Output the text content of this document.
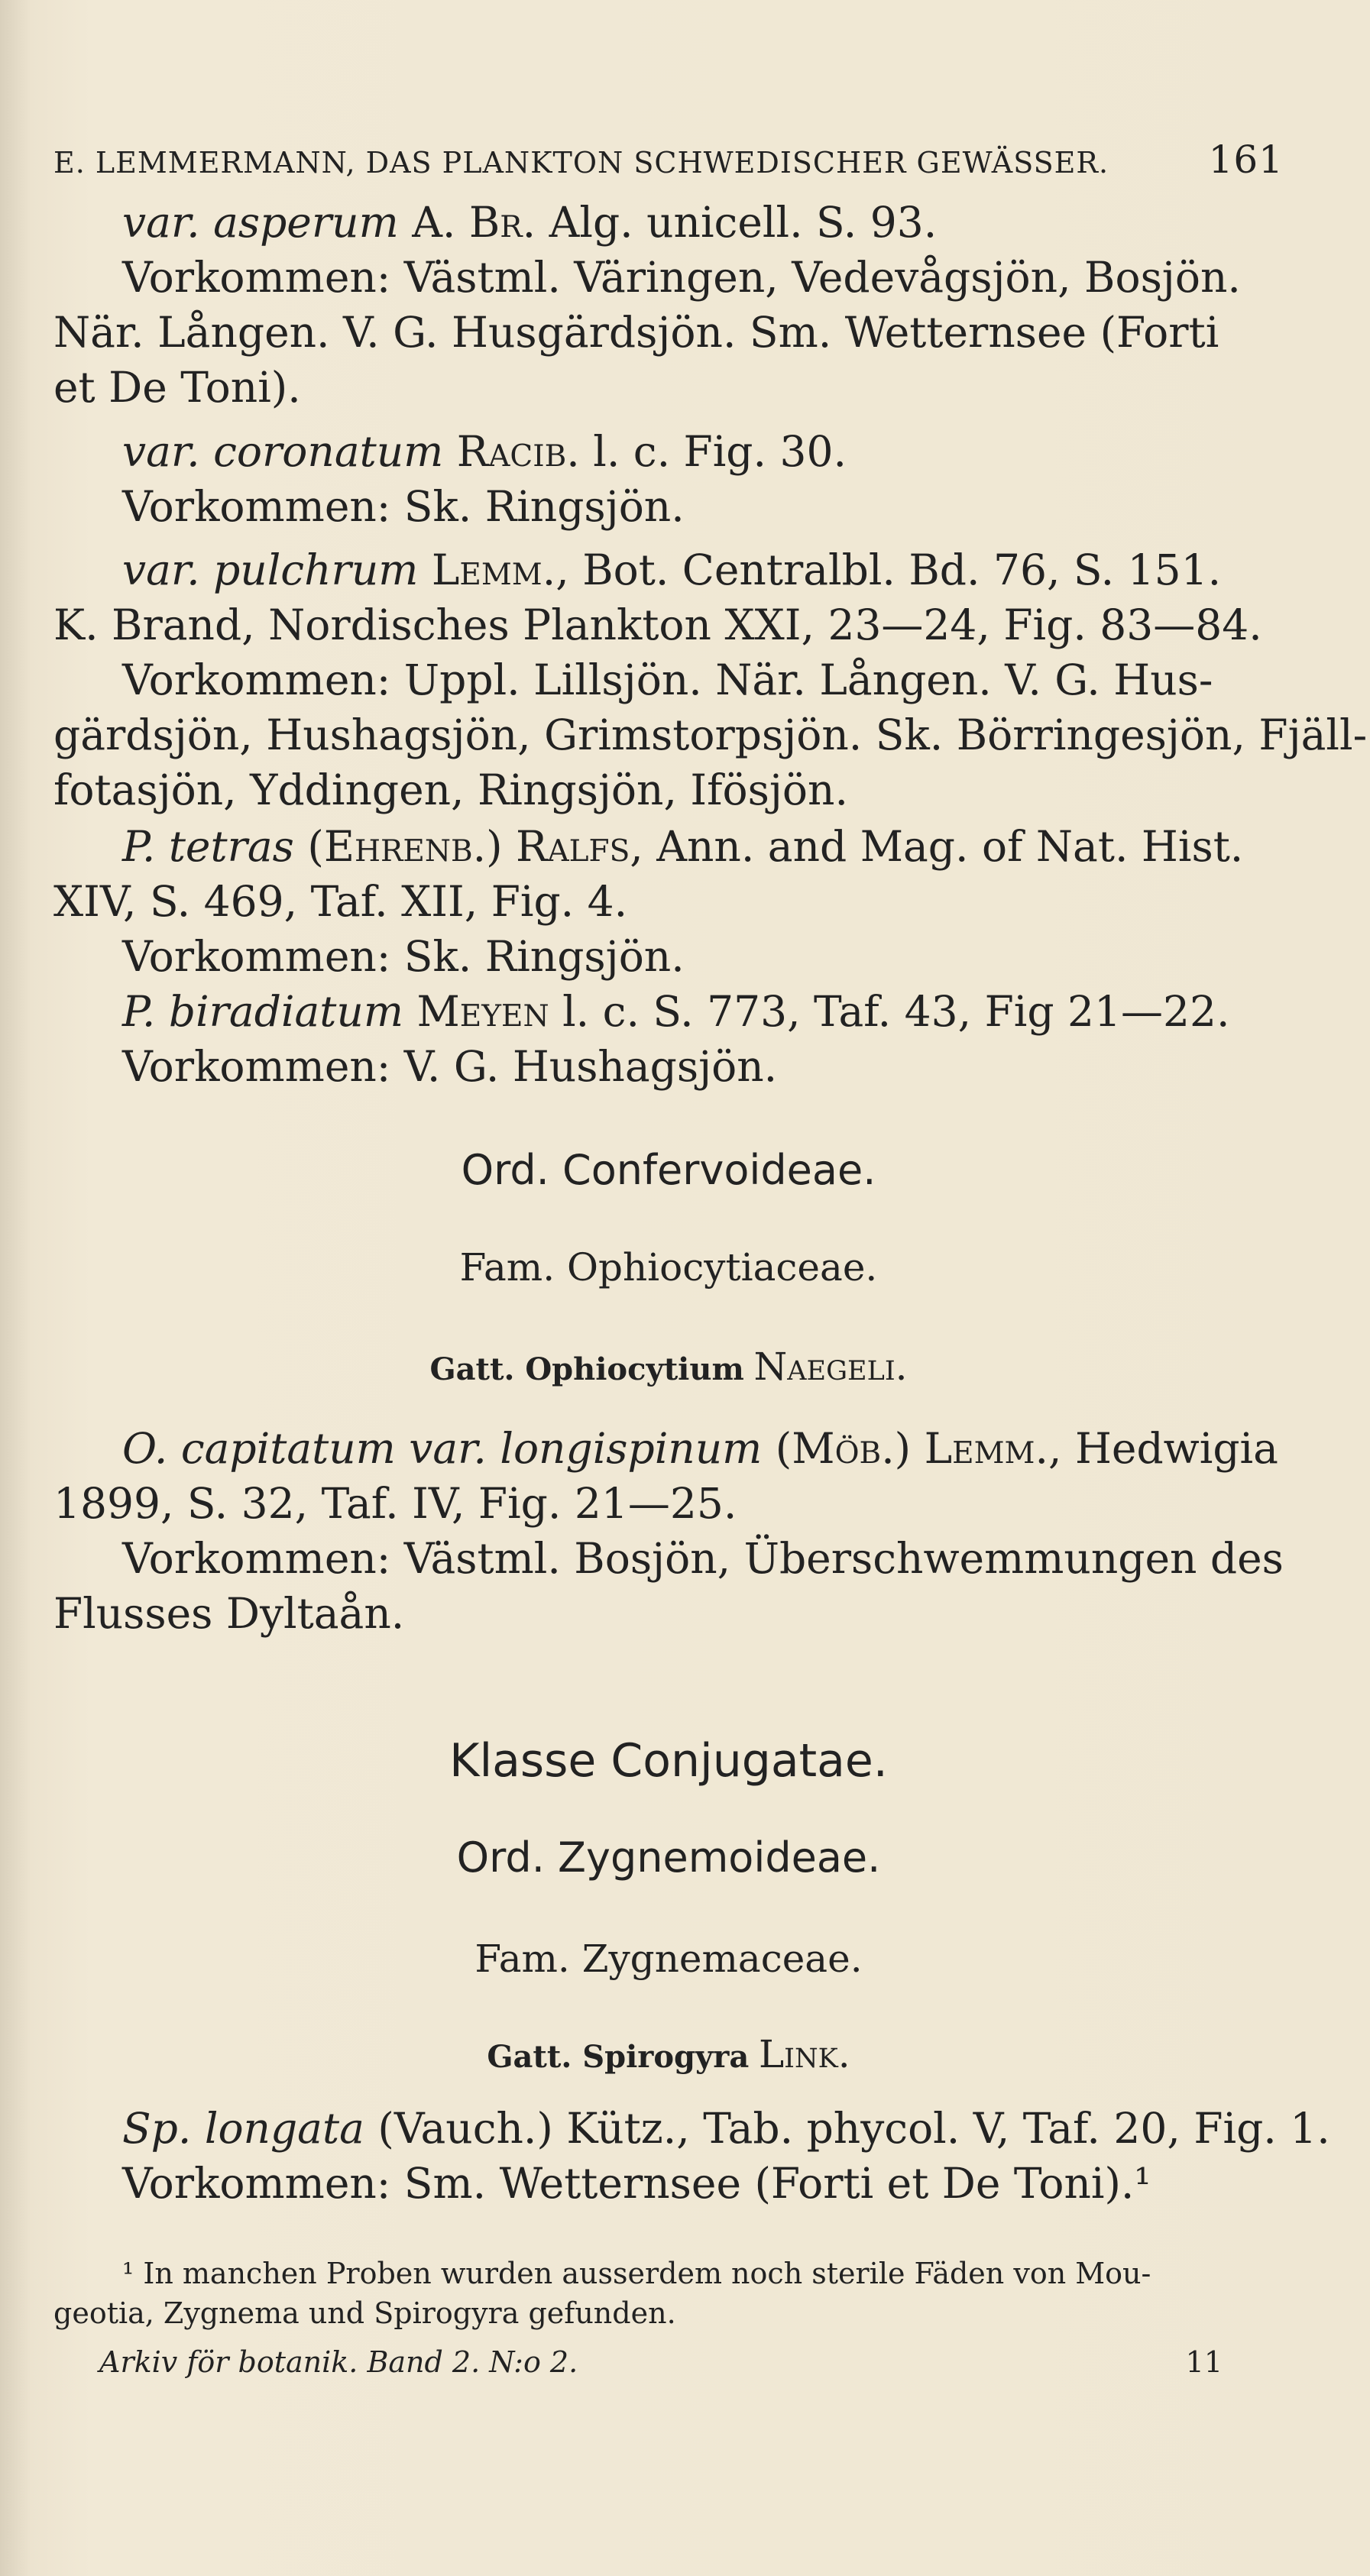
E. LEMMERMANN, DAS PLANKTON SCHWEDISCHER GEWÄSSER.	161
var. asperum A. Br. Alg. unicell. S. 93.
Vorkommen: Västml. Väringen, Vedevågsjön, Bosjön.
När. Lången. V. G. Husgärdsjön. Sm. Wetternsee (Forti
et De Toni).
var. coronatum Racib. l. c. Fig. 30.
Vorkommen: Sk. Ringsjön.
var. pulchrum Lemm., Bot. Centralbl. Bd. 76, S. 151.
K. Brand, Nordisches Plankton XXI, 23—24, Fig. 83—84.
Vorkommen: Uppl. Lillsjön. När. Lången. V. G. Hus-
gärdsjön, Hushagsjön, Grimstorpsjön. Sk. Börringesjön, Fjäll-
fotasjön, Yddingen, Ringsjön, Ifösjön.
P. tetras (Ehrenb.) Ralfs, Ann. and Mag. of Nat. Hist.
XIV, S. 469, Taf. XII, Fig. 4.
Vorkommen: Sk. Ringsjön.
P. biradiatum Meyen l. c. S. 773, Taf. 43, Fig 21—22.
Vorkommen: V. G. Hushagsjön.
Ord. Confervoideae.
Fam. Ophiocytiaceae.
Gatt. Ophiocytium Naegeli.
O. capitatum var. longispinum (Möb.) Lemm., Hedwigia
1899, S. 32, Taf. IV, Fig. 21—25.
Vorkommen: Västml. Bosjön, Überschwemmungen des
Flusses Dyltaån.
Klasse Conjugatae.
Ord. Zygnemoideae.
Fam. Zygnemaceae.
Gatt. Spirogyra Link.
Sp. longata (Vauch.) Kütz., Tab. phycol. V, Taf. 20, Fig. 1.
Vorkommen: Sm. Wetternsee (Forti et De Toni).¹
¹ In manchen Proben wurden ausserdem noch sterile Fäden von Mou-
geotia, Zygnema und Spirogyra gefunden.
Arkiv för botanik. Band 2. N:o 2.	11
